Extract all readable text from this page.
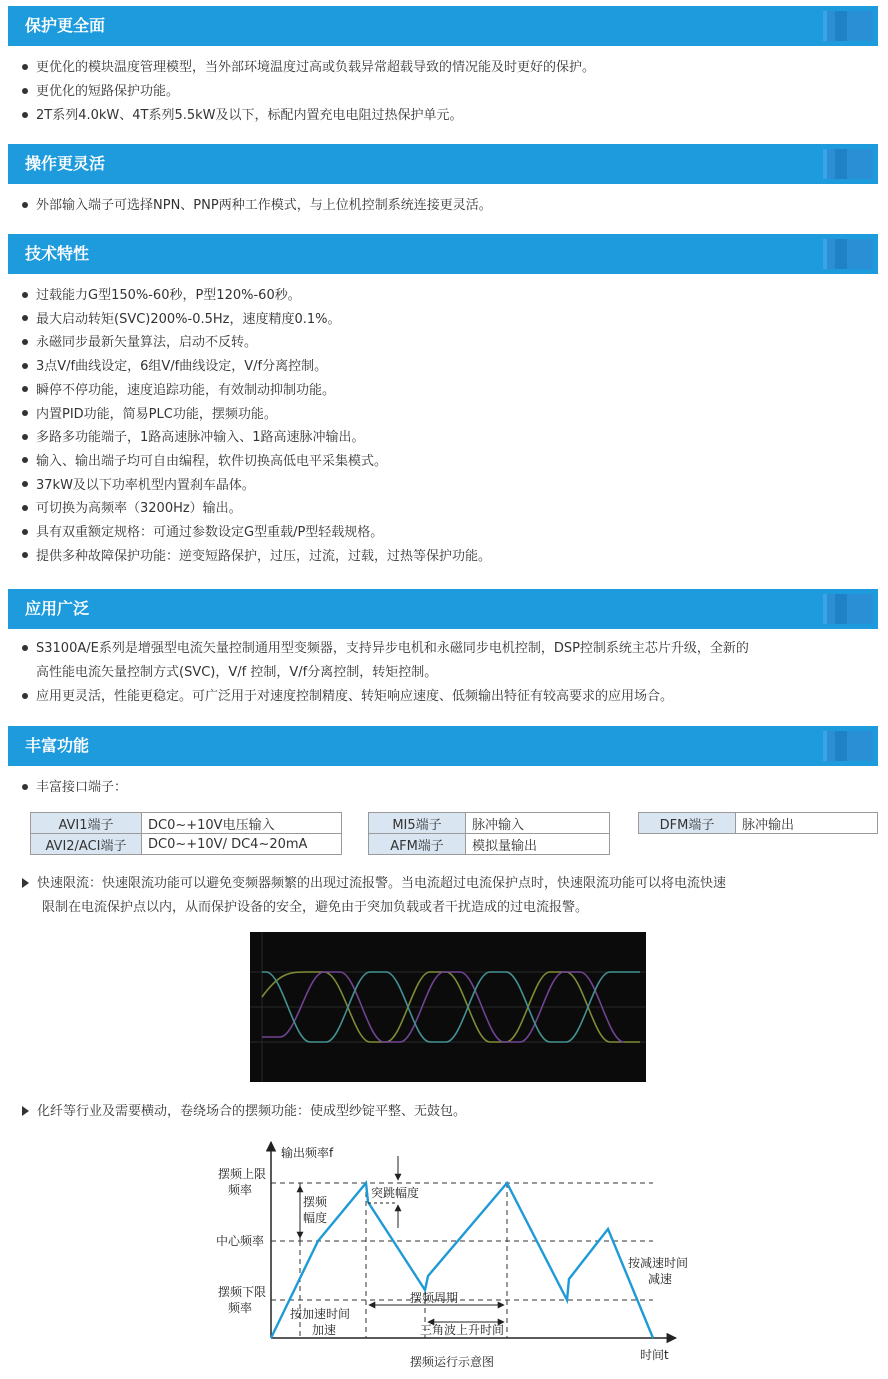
保护更全面
更优化的模块温度管理模型，当外部环境温度过高或负载异常超载导致的情况能及时更好的保护。
更优化的短路保护功能。
2T系列4.0kW、4T系列5.5kW及以下，标配内置充电电阻过热保护单元。
操作更灵活
外部输入端子可选择NPN、PNP两种工作模式，与上位机控制系统连接更灵活。
技术特性
过载能力G型150%-60秒，P型120%-60秒。
最大启动转矩(SVC)200%-0.5Hz，速度精度0.1%。
永磁同步最新矢量算法，启动不反转。
3点V/f曲线设定，6组V/f曲线设定，V/f分离控制。
瞬停不停功能，速度追踪功能，有效制动抑制功能。
内置PID功能，简易PLC功能，摆频功能。
多路多功能端子，1路高速脉冲输入、1路高速脉冲输出。
输入、输出端子均可自由编程，软件切换高低电平采集模式。
37kW及以下功率机型内置刹车晶体。
可切换为高频率（3200Hz）输出。
具有双重额定规格：可通过参数设定G型重载/P型轻载规格。
提供多种故障保护功能：逆变短路保护，过压，过流，过载，过热等保护功能。
应用广泛
S3100A/E系列是增强型电流矢量控制通用型变频器，支持异步电机和永磁同步电机控制，DSP控制系统主芯片升级，全新的
高性能电流矢量控制方式(SVC)，V/f 控制，V/f分离控制，转矩控制。
应用更灵活，性能更稳定。可广泛用于对速度控制精度、转矩响应速度、低频输出特征有较高要求的应用场合。
丰富功能
丰富接口端子：
AVI1端子	DC0~+10V电压输入
AVI2/ACI端子	DC0~+10V/ DC4~20mA
MI5端子	脉冲输入
AFM端子	模拟量输出
DFM端子	脉冲输出
快速限流：快速限流功能可以避免变频器频繁的出现过流报警。当电流超过电流保护点时，快速限流功能可以将电流快速
限制在电流保护点以内，从而保护设备的安全，避免由于突加负载或者干扰造成的过电流报警。
化纤等行业及需要横动，卷绕场合的摆频功能：使成型纱锭平整、无鼓包。
输出频率f
时间t
摆频上限
频率
中心频率
摆频下限
频率
摆频
幅度
突跳幅度
按加速时间
加速
按减速时间
减速
摆频周期
三角波上升时间
摆频运行示意图
